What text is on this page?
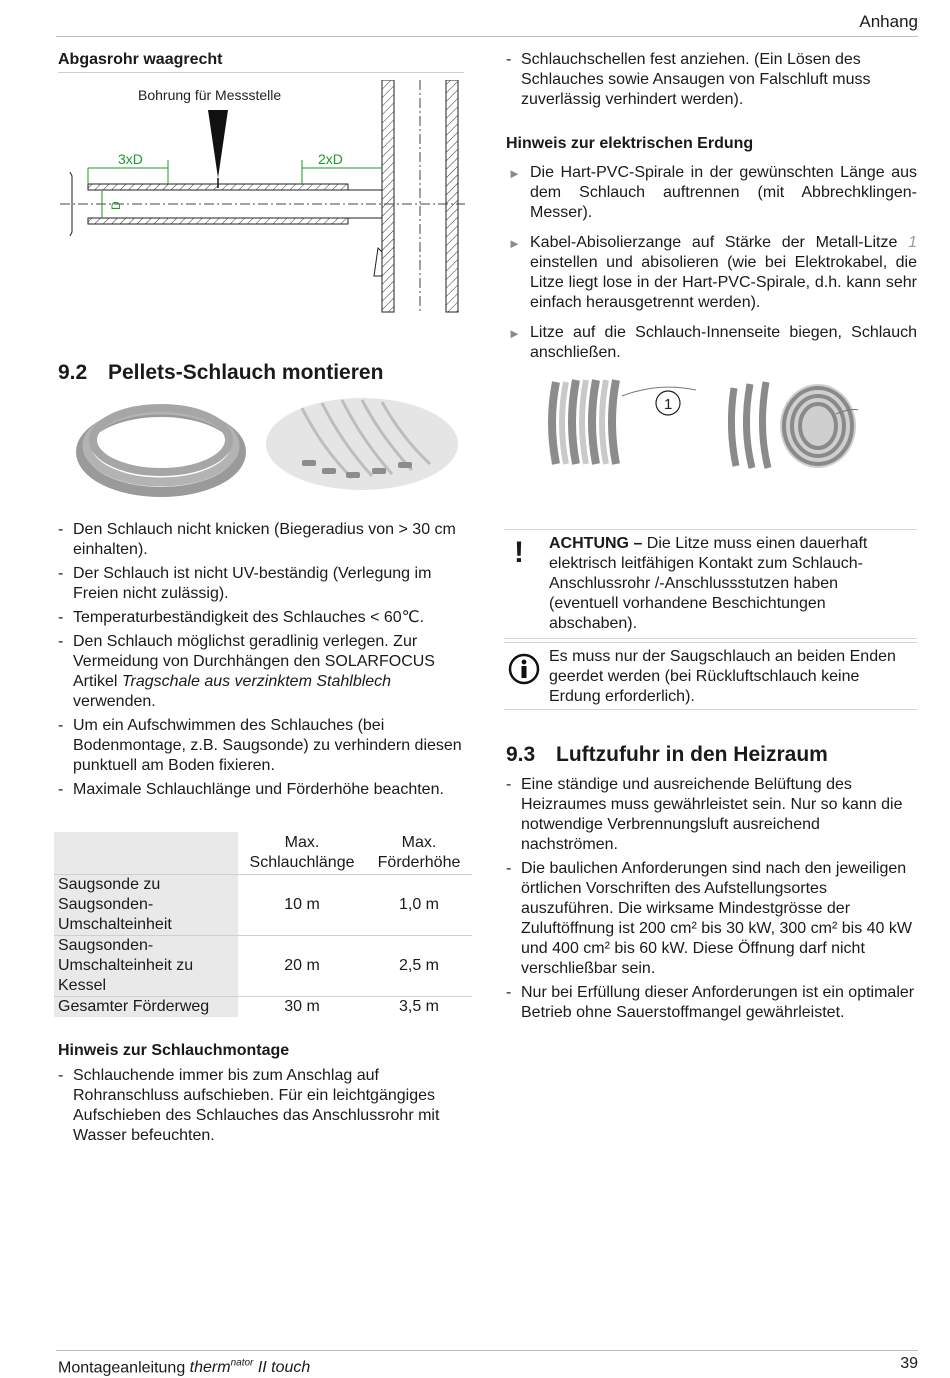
Anhang
Abgasrohr waagrecht
Bohrung für Messstelle
3xD	2xD
D
9.2 Pellets-Schlauch montieren
- Den Schlauch nicht knicken (Biegeradius von > 30 cm einhalten).
- Der Schlauch ist nicht UV-beständig (Verlegung im Freien nicht zulässig).
- Temperaturbeständigkeit des Schlauches < 60℃.
- Den Schlauch möglichst geradlinig verlegen. Zur Vermeidung von Durchhängen den SOLARFOCUS Artikel Tragschale aus verzinktem Stahlblech verwenden.
- Um ein Aufschwimmen des Schlauches (bei Bodenmontage, z.B. Saugsonde) zu verhindern diesen punktuell am Boden fixieren.
- Maximale Schlauchlänge und Förderhöhe beachten.
	Max. Schlauchlänge	Max. Förderhöhe
Saugsonde zu Saugsonden-Umschalteinheit	10 m	1,0 m
Saugsonden-Umschalteinheit zu Kessel	20 m	2,5 m
Gesamter Förderweg	30 m	3,5 m
Hinweis zur Schlauchmontage
- Schlauchende immer bis zum Anschlag auf Rohranschluss aufschieben. Für ein leichtgängiges Aufschieben des Schlauches das Anschlussrohr mit Wasser befeuchten.
- Schlauchschellen fest anziehen. (Ein Lösen des Schlauches sowie Ansaugen von Falschluft muss zuverlässig verhindert werden).
Hinweis zur elektrischen Erdung
► Die Hart-PVC-Spirale in der gewünschten Länge aus dem Schlauch auftrennen (mit Abbrechklingen-Messer).
► Kabel-Abisolierzange auf Stärke der Metall-Litze 1 einstellen und abisolieren (wie bei Elektrokabel, die Litze liegt lose in der Hart-PVC-Spirale, d.h. kann sehr einfach herausgetrennt werden).
► Litze auf die Schlauch-Innenseite biegen, Schlauch anschließen.
1
! ACHTUNG – Die Litze muss einen dauerhaft elektrisch leitfähigen Kontakt zum Schlauch-Anschlussrohr /-Anschlussstutzen haben (eventuell vorhandene Beschichtungen abschaben).
Es muss nur der Saugschlauch an beiden Enden geerdet werden (bei Rückluftschlauch keine Erdung erforderlich).
9.3 Luftzufuhr in den Heizraum
- Eine ständige und ausreichende Belüftung des Heizraumes muss gewährleistet sein. Nur so kann die notwendige Verbrennungsluft ausreichend nachströmen.
- Die baulichen Anforderungen sind nach den jeweiligen örtlichen Vorschriften des Aufstellungsortes auszuführen. Die wirksame Mindestgrösse der Zuluftöffnung ist 200 cm² bis 30 kW, 300 cm² bis 40 kW und 400 cm² bis 60 kW. Diese Öffnung darf nicht verschließbar sein.
- Nur bei Erfüllung dieser Anforderungen ist ein optimaler Betrieb ohne Sauerstoffmangel gewährleistet.
Montageanleitung therm$^{nator}$ II touch	39
